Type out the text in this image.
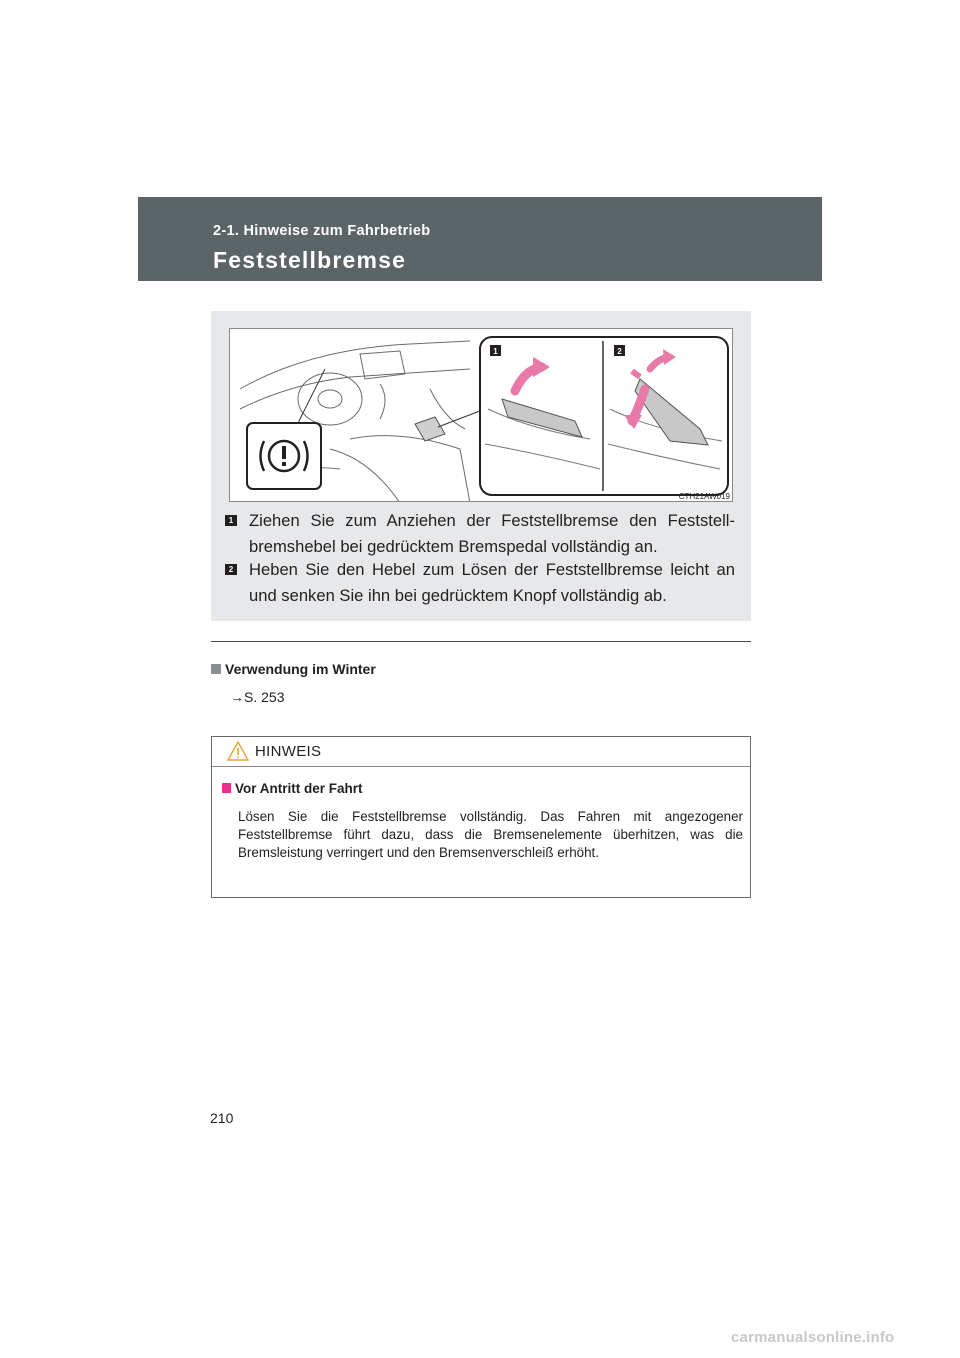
2-1. Hinweise zum Fahrbetrieb
Feststellbremse
1	2
CTH21AW019
1 Ziehen Sie zum Anziehen der Feststellbremse den Feststellbremshebel bei gedrücktem Bremspedal vollständig an.
2 Heben Sie den Hebel zum Lösen der Feststellbremse leicht an und senken Sie ihn bei gedrücktem Knopf vollständig ab.
Verwendung im Winter
→S. 253
HINWEIS
Vor Antritt der Fahrt
Lösen Sie die Feststellbremse vollständig. Das Fahren mit angezogener Feststellbremse führt dazu, dass die Bremsenelemente überhitzen, was die Bremsleistung verringert und den Bremsenverschleiß erhöht.
210
carmanualsonline.info
